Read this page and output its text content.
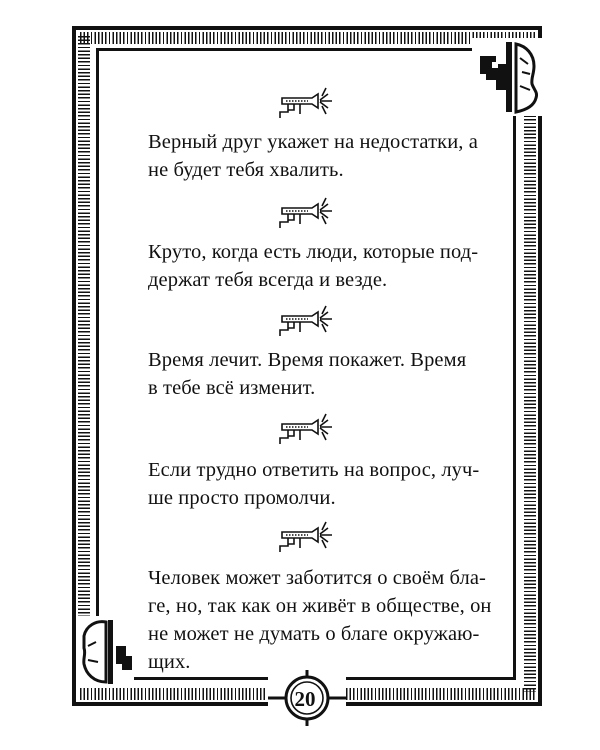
Верный друг укажет на недостатки, а
не будет тебя хвалить.
Круто, когда есть люди, которые под-
держат тебя всегда и везде.
Время лечит. Время покажет. Время
в тебе всё изменит.
Если трудно ответить на вопрос, луч-
ше просто промолчи.
Человек может заботится о своём бла-
ге, но, так как он живёт в обществе, он
не может не думать о благе окружаю-
щих.
20
